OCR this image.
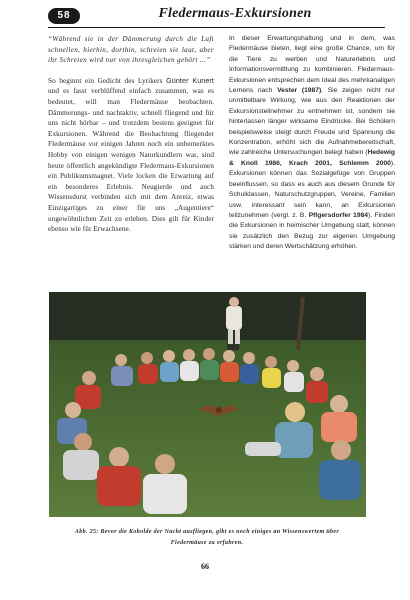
58	Fledermaus-Exkursionen

“Während sie in der Dämmerung durch die Luft schnellen, hierhin, dorthin, schreien sie laut, aber ihr Schreien wird nur von ihresgleichen gehört ...”

So beginnt ein Gedicht des Lyrikers Günter Kunert und es fasst verblüffend einfach zusammen, was es bedeutet, will man Fledermäuse beobachten. Dämmerungs- und nachtaktiv, schnell fliegend und für uns nicht hörbar – und trotzdem bestens geeignet für Exkursionen. Während die Beobachtung fliegender Fledermäuse vor einigen Jahren noch ein unbemerktes Hobby von einigen wenigen Naturkundlern war, sind heute öffentlich angekündigte Fledermaus-Exkursionen ein Publikumsmagnet. Viele locken die Erwartung auf ein besonderes Erlebnis. Neugierde und auch Wissensdurst verbinden sich mit dem Anreiz, etwas Einzigartiges zu einer für uns „Augentiere“ ungewöhnlichen Zeit zu erleben. Dies gilt für Kinder ebenso wie für Erwachsene.

In dieser Erwartungshaltung und in dem, was Fledermäuse bieten, liegt eine große Chance, um für die Tiere zu werben und Naturerlebnis und Informationsvermittlung zu kombinieren. Fledermaus-Exkursionen entsprechen dem Ideal des mehrkanaligen Lernens nach Vester (1987). Sie zeigen nicht nur unmittelbare Wirkung, wie aus den Reaktionen der Exkursionsteilnehmer zu entnehmen ist, sondern sie hinterlassen länger wirksame Eindrücke. Bei Schülern beispielsweise steigt durch Freude und Spannung die Konzentration, erhöht sich die Aufnahmebereitschaft, wie zahlreiche Untersuchungen belegt haben (Hedewig & Knoll 1986, Krach 2001, Schlemm 2000). Exkursionen können das Sozialgefüge von Gruppen beeinflussen, so dass es auch aus diesem Grunde für Schulklassen, Naturschutzgruppen, Vereine, Familien usw. interessant sein kann, an Exkursionen teilzunehmen (vergl. z. B. Pflgersdorfer 1984). Finden die Exkursionen in heimischer Umgebung statt, können sie zusätzlich den Bezug zur eigenen Umgebung stärken und deren Wertschätzung erhöhen.

Abb. 25: Bevor die Kobolde der Nacht ausfliegen, gibt es noch einiges an Wissenswertem über Fledermäuse zu erfahren.
66
